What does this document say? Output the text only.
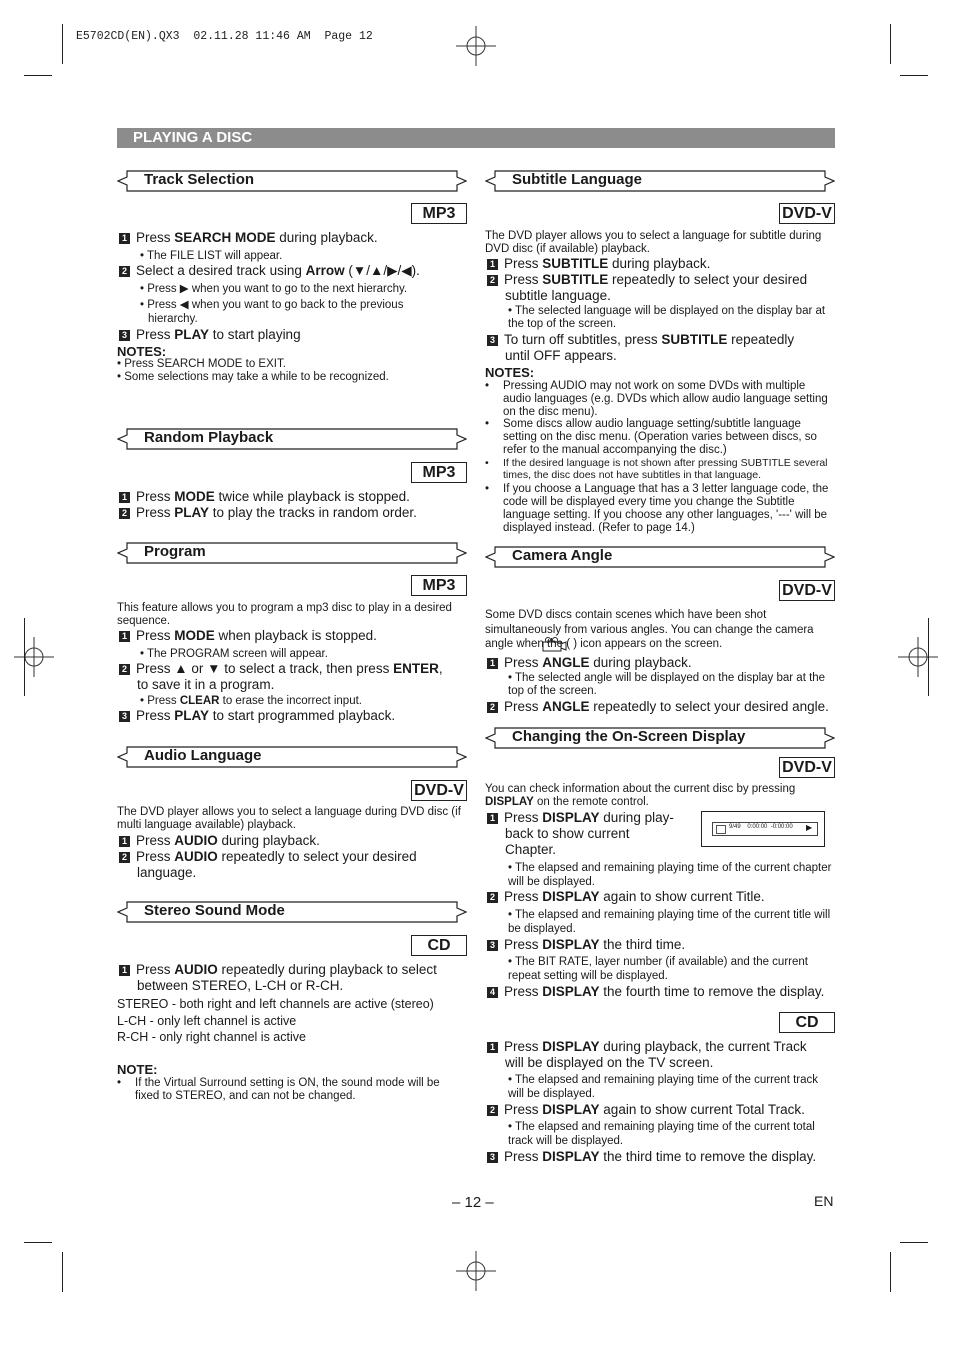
E5702CD(EN).QX3  02.11.28 11:46 AM  Page 12
PLAYING A DISC
Track Selection
MP3
1 Press SEARCH MODE during playback.
• The FILE LIST will appear.
2 Select a desired track using Arrow (▼/▲/▶/◀).
• Press ▶ when you want to go to the next hierarchy.
• Press ◀ when you want to go back to the previous
hierarchy.
3 Press PLAY to start playing
NOTES:
• Press SEARCH MODE to EXIT.
• Some selections may take a while to be recognized.
Random Playback
MP3
1 Press MODE twice while playback is stopped.
2 Press PLAY to play the tracks in random order.
Program
MP3
This feature allows you to program a mp3 disc to play in a desired sequence.
1 Press MODE when playback is stopped.
• The PROGRAM screen will appear.
2 Press ▲ or ▼ to select a track, then press ENTER,
to save it in a program.
• Press CLEAR to erase the incorrect input.
3 Press PLAY to start programmed playback.
Audio Language
DVD-V
The DVD player allows you to select a language during DVD disc (if multi language available) playback.
1 Press AUDIO during playback.
2 Press AUDIO repeatedly to select your desired
language.
Stereo Sound Mode
CD
1 Press AUDIO repeatedly during playback to select
between STEREO, L-CH or R-CH.
STEREO - both right and left channels are active (stereo)
L-CH - only left channel is active
R-CH - only right channel is active
NOTE:
• If the Virtual Surround setting is ON, the sound mode will be fixed to STEREO, and can not be changed.
Subtitle Language
DVD-V
The DVD player allows you to select a language for subtitle during DVD disc (if available) playback.
1 Press SUBTITLE during playback.
2 Press SUBTITLE repeatedly to select your desired
subtitle language.
• The selected language will be displayed on the display bar at the top of the screen.
3 To turn off subtitles, press SUBTITLE repeatedly
until OFF appears.
NOTES:
• Pressing AUDIO may not work on some DVDs with multiple audio languages (e.g. DVDs which allow audio language setting on the disc menu).
• Some discs allow audio language setting/subtitle language setting on the disc menu. (Operation varies between discs, so refer to the manual accompanying the disc.)
• If the desired language is not shown after pressing SUBTITLE several times, the disc does not have subtitles in that language.
• If you choose a Language that has a 3 letter language code, the code will be displayed every time you change the Subtitle language setting. If you choose any other languages, '---' will be displayed instead. (Refer to page 14.)
Camera Angle
DVD-V
Some DVD discs contain scenes which have been shot simultaneously from various angles. You can change the camera angle when the ( ) icon appears on the screen.
1 Press ANGLE during playback.
• The selected angle will be displayed on the display bar at the top of the screen.
2 Press ANGLE repeatedly to select your desired angle.
Changing the On-Screen Display
DVD-V
You can check information about the current disc by pressing DISPLAY on the remote control.
9/49    0:00:00  -0:00:00 ▶
1 Press DISPLAY during play-
back to show current
Chapter.
• The elapsed and remaining playing time of the current chapter will be displayed.
2 Press DISPLAY again to show current Title.
• The elapsed and remaining playing time of the current title will be displayed.
3 Press DISPLAY the third time.
• The BIT RATE, layer number (if available) and the current repeat setting will be displayed.
4 Press DISPLAY the fourth time to remove the display.
CD
1 Press DISPLAY during playback, the current Track
will be displayed on the TV screen.
• The elapsed and remaining playing time of the current track will be displayed.
2 Press DISPLAY again to show current Total Track.
• The elapsed and remaining playing time of the current total track will be displayed.
3 Press DISPLAY the third time to remove the display.
– 12 –	EN
